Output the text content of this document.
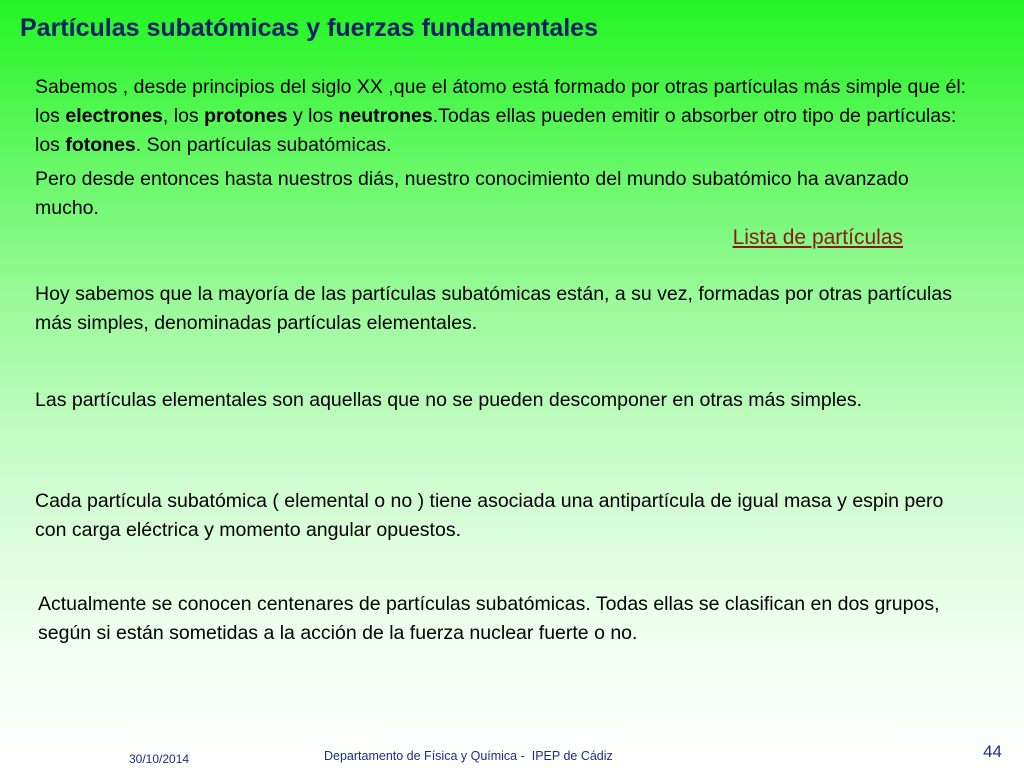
Partículas subatómicas y fuerzas fundamentales

Sabemos , desde principios del siglo XX ,que el átomo está formado por otras partículas más simple que él: los electrones, los protones y los neutrones.Todas ellas pueden emitir o absorber otro tipo de partículas: los fotones. Son partículas subatómicas.

Pero desde entonces hasta nuestros diás, nuestro conocimiento del mundo subatómico ha avanzado mucho.

Lista de partículas

Hoy sabemos que la mayoría de las partículas subatómicas están, a su vez, formadas por otras partículas más simples, denominadas partículas elementales.

Las partículas elementales son aquellas que no se pueden descomponer en otras más simples.

Cada partícula subatómica ( elemental o no ) tiene asociada una antipartícula de igual masa y espin pero con carga eléctrica y momento angular opuestos.

Actualmente se conocen centenares de partículas subatómicas. Todas ellas se clasifican en dos grupos, según si están sometidas a la acción de la fuerza nuclear fuerte o no.

30/10/2014	Departamento de Física y Química -  IPEP de Cádiz	44
